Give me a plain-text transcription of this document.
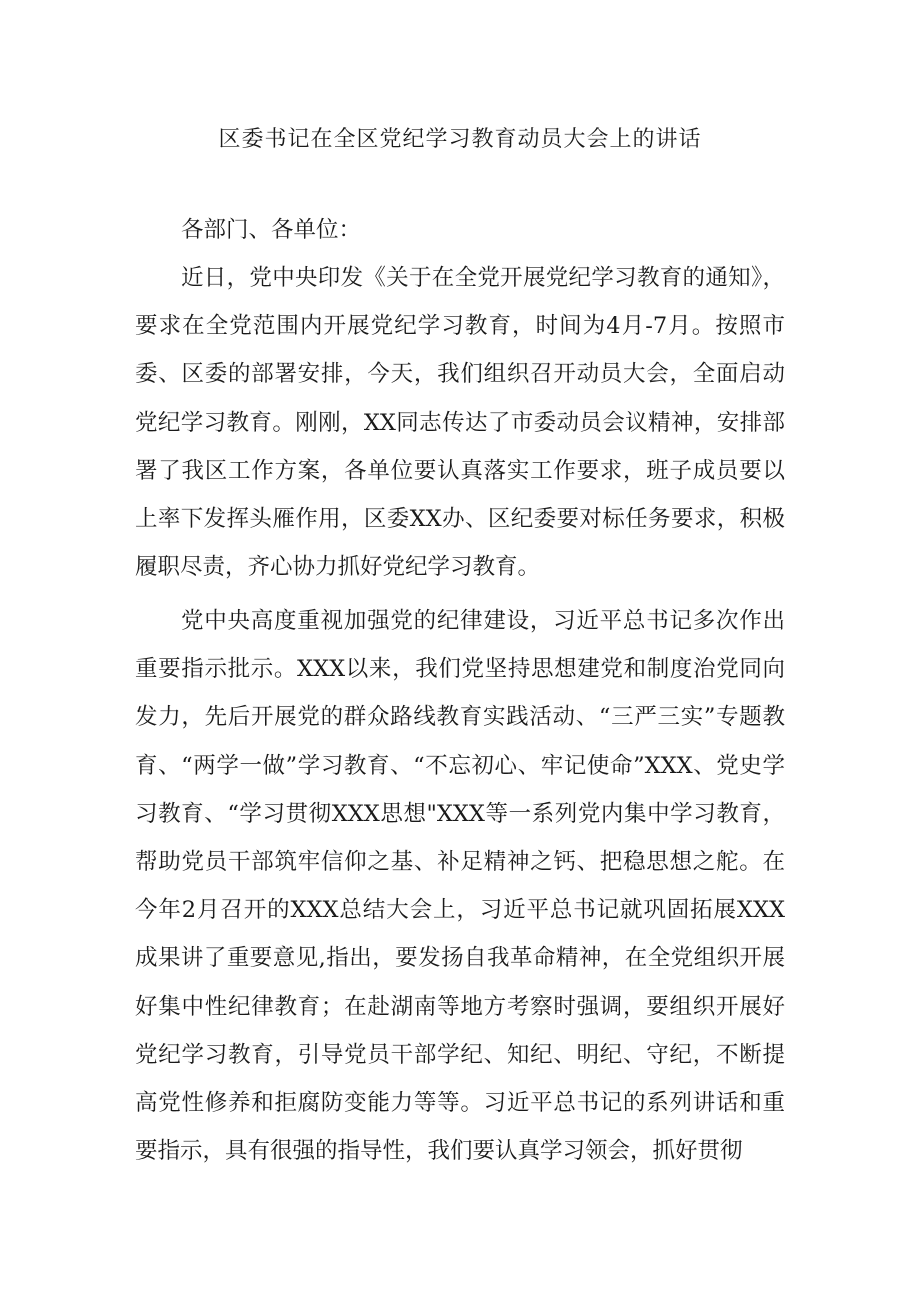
区委书记在全区党纪学习教育动员大会上的讲话
各部门、各单位：
近日，党中央印发《关于在全党开展党纪学习教育的通知》，要求在全党范围内开展党纪学习教育，时间为4月-7月。按照市委、区委的部署安排，今天，我们组织召开动员大会，全面启动党纪学习教育。刚刚，XX同志传达了市委动员会议精神，安排部署了我区工作方案，各单位要认真落实工作要求，班子成员要以上率下发挥头雁作用，区委XX办、区纪委要对标任务要求，积极履职尽责，齐心协力抓好党纪学习教育。
党中央高度重视加强党的纪律建设，习近平总书记多次作出重要指示批示。XXX以来，我们党坚持思想建党和制度治党同向发力，先后开展党的群众路线教育实践活动、“三严三实”专题教育、“两学一做”学习教育、“不忘初心、牢记使命”XXX、党史学习教育、“学习贯彻XXX思想"XXX等一系列党内集中学习教育，帮助党员干部筑牢信仰之基、补足精神之钙、把稳思想之舵。在今年2月召开的XXX总结大会上，习近平总书记就巩固拓展XXX成果讲了重要意见,指出，要发扬自我革命精神，在全党组织开展好集中性纪律教育；在赴湖南等地方考察时强调，要组织开展好党纪学习教育，引导党员干部学纪、知纪、明纪、守纪，不断提高党性修养和拒腐防变能力等等。习近平总书记的系列讲话和重要指示，具有很强的指导性，我们要认真学习领会，抓好贯彻
